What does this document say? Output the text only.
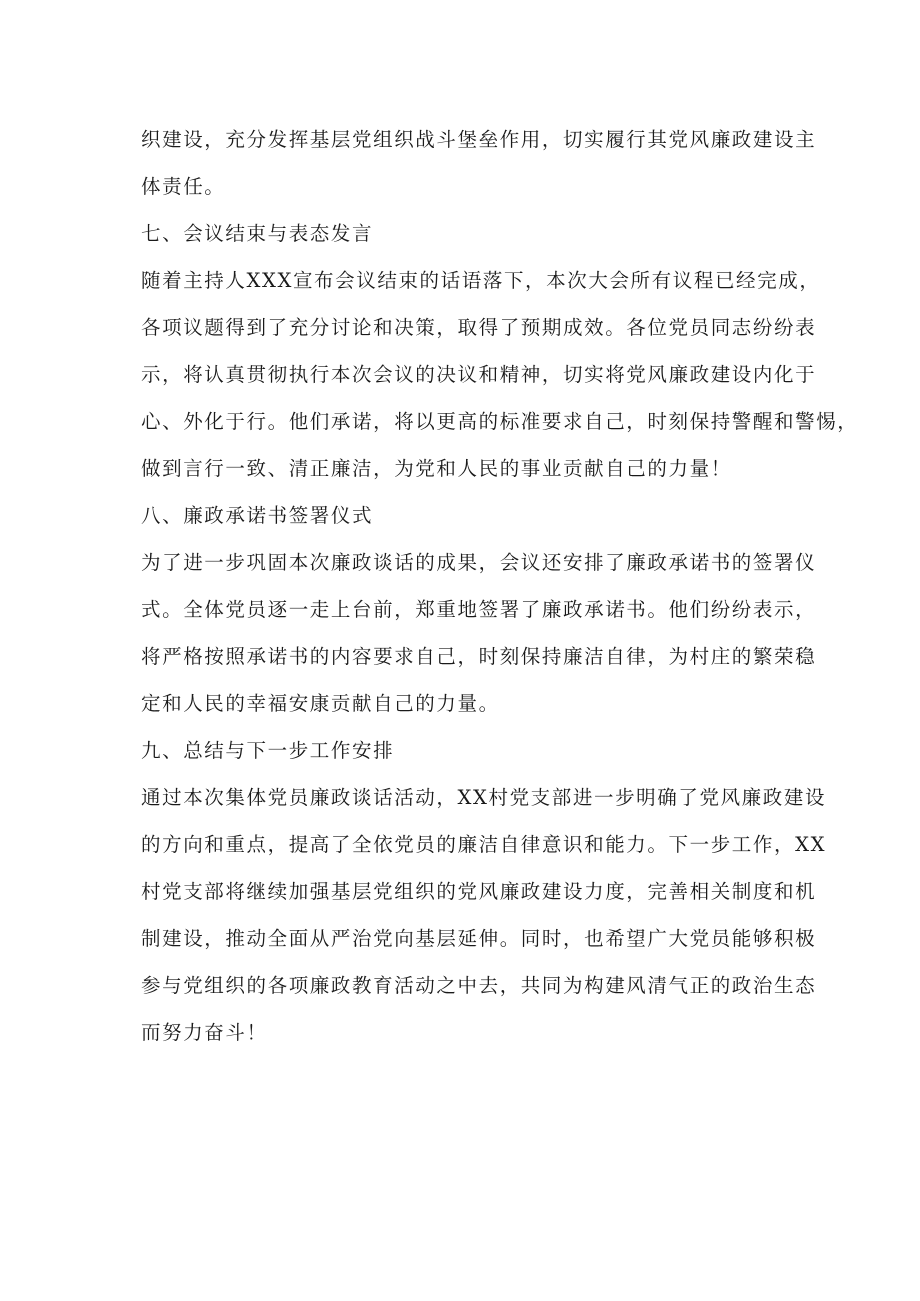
织建设，充分发挥基层党组织战斗堡垒作用，切实履行其党风廉政建设主
体责任。
七、会议结束与表态发言
随着主持人XXX宣布会议结束的话语落下，本次大会所有议程已经完成，
各项议题得到了充分讨论和决策，取得了预期成效。各位党员同志纷纷表
示，将认真贯彻执行本次会议的决议和精神，切实将党风廉政建设内化于
心、外化于行。他们承诺，将以更高的标准要求自己，时刻保持警醒和警惕，
做到言行一致、清正廉洁，为党和人民的事业贡献自己的力量！
八、廉政承诺书签署仪式
为了进一步巩固本次廉政谈话的成果，会议还安排了廉政承诺书的签署仪
式。全体党员逐一走上台前，郑重地签署了廉政承诺书。他们纷纷表示，
将严格按照承诺书的内容要求自己，时刻保持廉洁自律，为村庄的繁荣稳
定和人民的幸福安康贡献自己的力量。
九、总结与下一步工作安排
通过本次集体党员廉政谈话活动，XX村党支部进一步明确了党风廉政建设
的方向和重点，提高了全依党员的廉洁自律意识和能力。下一步工作，XX
村党支部将继续加强基层党组织的党风廉政建设力度，完善相关制度和机
制建设，推动全面从严治党向基层延伸。同时，也希望广大党员能够积极
参与党组织的各项廉政教育活动之中去，共同为构建风清气正的政治生态
而努力奋斗！
